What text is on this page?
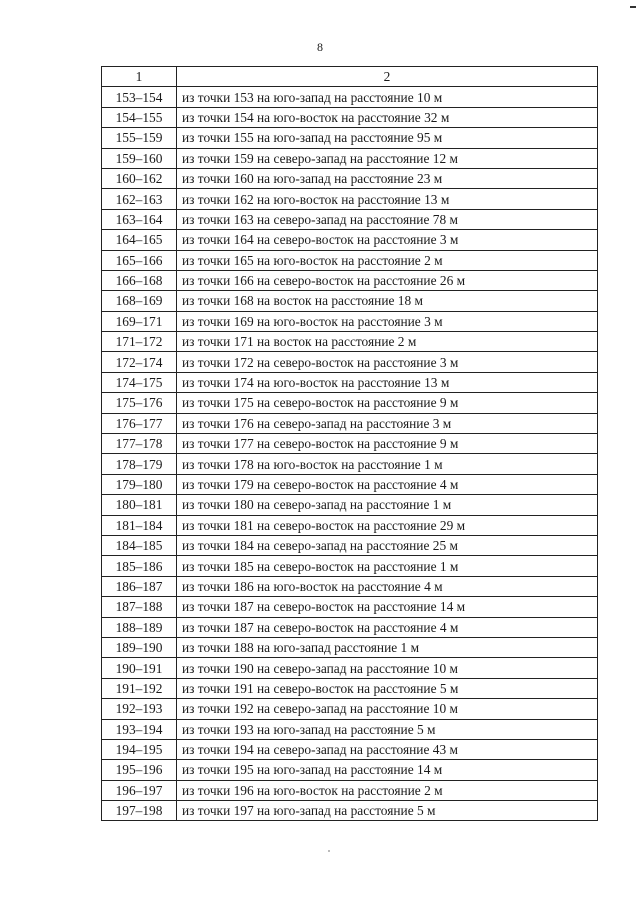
8
1	2
153–154	из точки 153 на юго-запад на расстояние 10 м
154–155	из точки 154 на юго-восток на расстояние 32 м
155–159	из точки 155 на юго-запад на расстояние 95 м
159–160	из точки 159 на северо-запад на расстояние 12 м
160–162	из точки 160 на юго-запад на расстояние 23 м
162–163	из точки 162 на юго-восток на расстояние 13 м
163–164	из точки 163 на северо-запад на расстояние 78 м
164–165	из точки 164 на северо-восток на расстояние 3 м
165–166	из точки 165 на юго-восток на расстояние 2 м
166–168	из точки 166 на северо-восток на расстояние 26 м
168–169	из точки 168 на восток на расстояние 18 м
169–171	из точки 169 на юго-восток на расстояние 3 м
171–172	из точки 171 на восток на расстояние 2 м
172–174	из точки 172 на северо-восток на расстояние 3 м
174–175	из точки 174 на юго-восток на расстояние 13 м
175–176	из точки 175 на северо-восток на расстояние 9 м
176–177	из точки 176 на северо-запад на расстояние 3 м
177–178	из точки 177 на северо-восток на расстояние 9 м
178–179	из точки 178 на юго-восток на расстояние 1 м
179–180	из точки 179 на северо-восток на расстояние 4 м
180–181	из точки 180 на северо-запад на расстояние 1 м
181–184	из точки 181 на северо-восток на расстояние 29 м
184–185	из точки 184 на северо-запад на расстояние 25 м
185–186	из точки 185 на северо-восток на расстояние 1 м
186–187	из точки 186 на юго-восток на расстояние 4 м
187–188	из точки 187 на северо-восток на расстояние 14 м
188–189	из точки 187 на северо-восток на расстояние 4 м
189–190	из точки 188 на юго-запад расстояние 1 м
190–191	из точки 190 на северо-запад на расстояние 10 м
191–192	из точки 191 на северо-восток на расстояние 5 м
192–193	из точки 192 на северо-запад на расстояние 10 м
193–194	из точки 193 на юго-запад на расстояние 5 м
194–195	из точки 194 на северо-запад на расстояние 43 м
195–196	из точки 195 на юго-запад на расстояние 14 м
196–197	из точки 196 на юго-восток на расстояние 2 м
197–198	из точки 197 на юго-запад на расстояние 5 м
